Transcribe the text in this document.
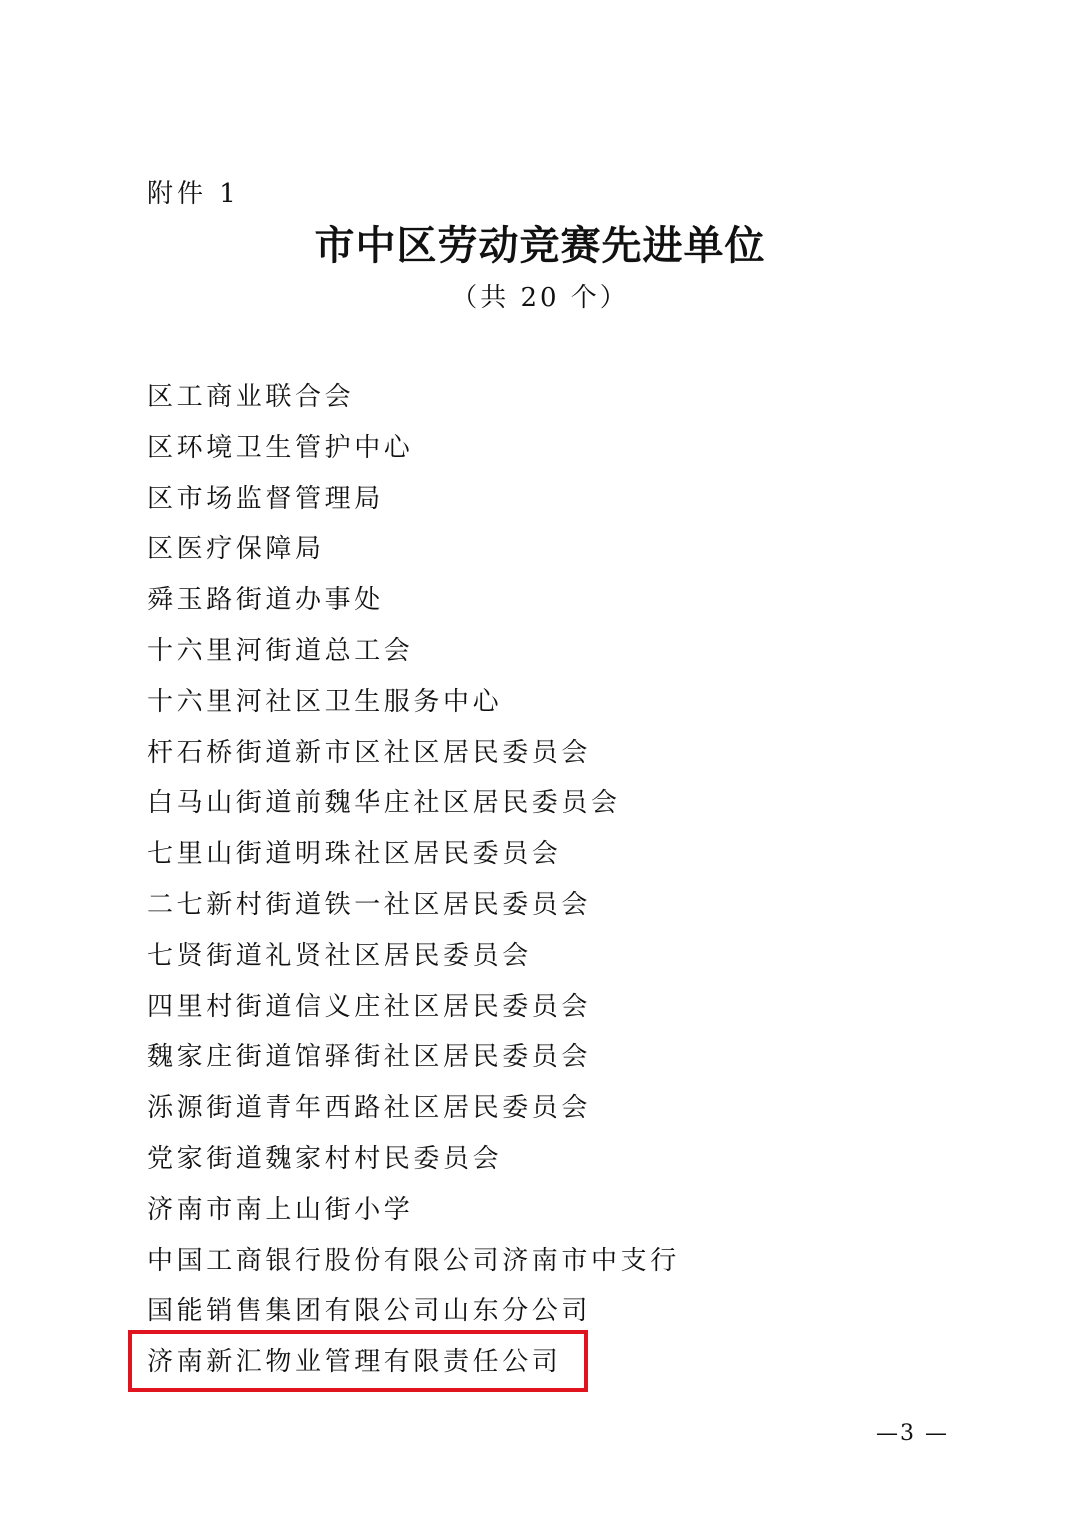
附件 1
市中区劳动竞赛先进单位
（共 20 个）
区工商业联合会
区环境卫生管护中心
区市场监督管理局
区医疗保障局
舜玉路街道办事处
十六里河街道总工会
十六里河社区卫生服务中心
杆石桥街道新市区社区居民委员会
白马山街道前魏华庄社区居民委员会
七里山街道明珠社区居民委员会
二七新村街道铁一社区居民委员会
七贤街道礼贤社区居民委员会
四里村街道信义庄社区居民委员会
魏家庄街道馆驿街社区居民委员会
泺源街道青年西路社区居民委员会
党家街道魏家村村民委员会
济南市南上山街小学
中国工商银行股份有限公司济南市中支行
国能销售集团有限公司山东分公司
济南新汇物业管理有限责任公司
—3 —
